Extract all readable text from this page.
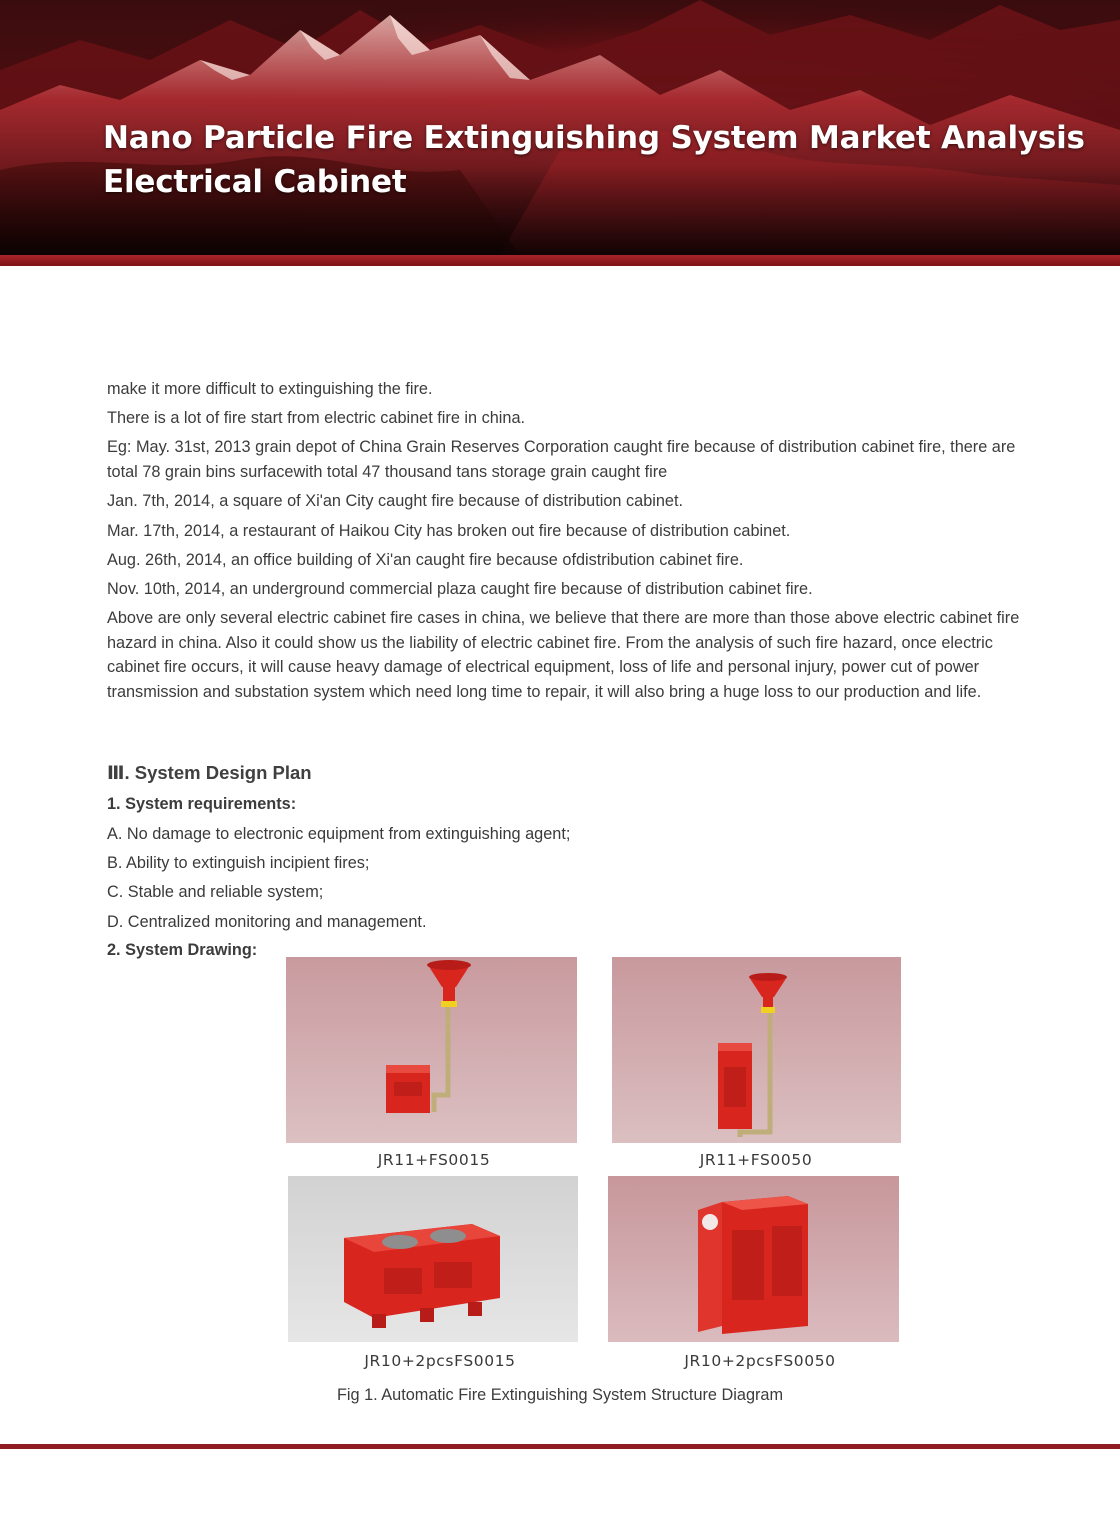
Nano Particle Fire Extinguishing System Market Analysis
Electrical Cabinet

make it more difficult to extinguishing the fire.

There is a lot of fire start from electric cabinet fire in china.

Eg: May. 31st, 2013 grain depot of China Grain Reserves Corporation caught fire because of distribution cabinet fire, there are total 78 grain bins surfacewith total 47 thousand tans storage grain caught fire

Jan. 7th, 2014, a square of Xi'an City caught fire because of distribution cabinet.

Mar. 17th, 2014, a restaurant of Haikou City has broken out fire because of distribution cabinet.

Aug. 26th, 2014, an office building of Xi'an caught fire because ofdistribution cabinet fire.

Nov. 10th, 2014, an underground commercial plaza caught fire because of distribution cabinet fire.

Above are only several electric cabinet fire cases in china, we believe that there are more than those above electric cabinet fire hazard in china. Also it could show us the liability of electric cabinet fire. From the analysis of such fire hazard, once electric cabinet fire occurs, it will cause heavy damage of electrical equipment, loss of life and personal injury, power cut of power transmission and substation system which need long time to repair, it will also bring a huge loss to our production and life.

Ⅲ. System Design Plan
1. System requirements:
A. No damage to electronic equipment from extinguishing agent;
B. Ability to extinguish incipient fires;
C. Stable and reliable system;
D. Centralized monitoring and management.
2. System Drawing:
JR11+FS0015	JR11+FS0050
JR10+2pcsFS0015	JR10+2pcsFS0050
Fig 1. Automatic Fire Extinguishing System Structure Diagram
